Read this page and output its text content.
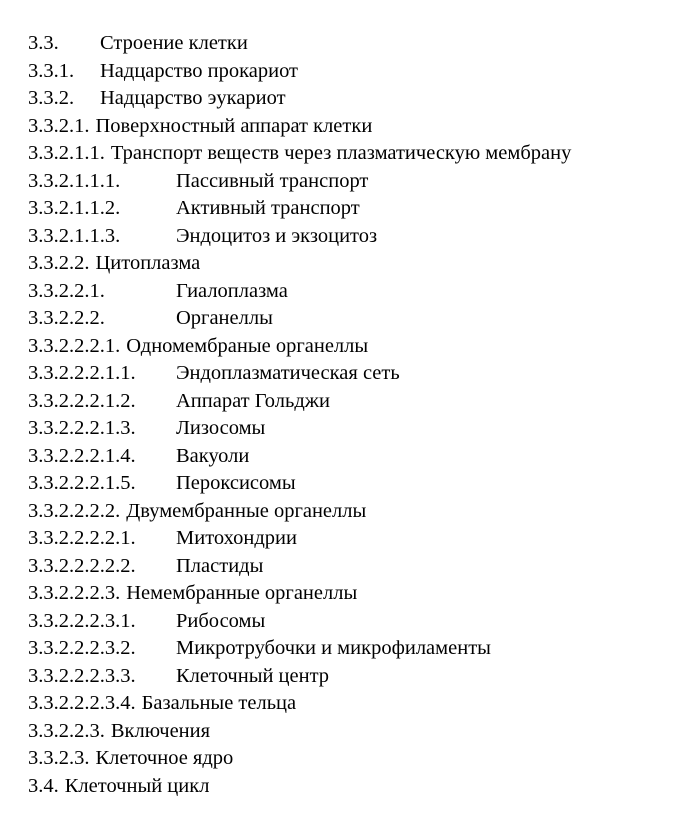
3.3. Строение клетки
3.3.1. Надцарство прокариот
3.3.2. Надцарство эукариот
3.3.2.1. Поверхностный аппарат клетки
3.3.2.1.1. Транспорт веществ через плазматическую мембрану
3.3.2.1.1.1.	Пассивный транспорт
3.3.2.1.1.2.	Активный транспорт
3.3.2.1.1.3.	Эндоцитоз и экзоцитоз
3.3.2.2. Цитоплазма
3.3.2.2.1.	Гиалоплазма
3.3.2.2.2.	Органеллы
3.3.2.2.2.1. Одномембраные органеллы
3.3.2.2.2.1.1. Эндоплазматическая сеть
3.3.2.2.2.1.2. Аппарат Гольджи
3.3.2.2.2.1.3. Лизосомы
3.3.2.2.2.1.4. Вакуоли
3.3.2.2.2.1.5. Пероксисомы
3.3.2.2.2.2. Двумембранные органеллы
3.3.2.2.2.2.1. Митохондрии
3.3.2.2.2.2.2. Пластиды
3.3.2.2.2.3. Немембранные органеллы
3.3.2.2.2.3.1. Рибосомы
3.3.2.2.2.3.2. Микротрубочки и микрофиламенты
3.3.2.2.2.3.3. Клеточный центр
3.3.2.2.2.3.4. Базальные тельца
3.3.2.2.3. Включения
3.3.2.3. Клеточное ядро
3.4. Клеточный цикл
